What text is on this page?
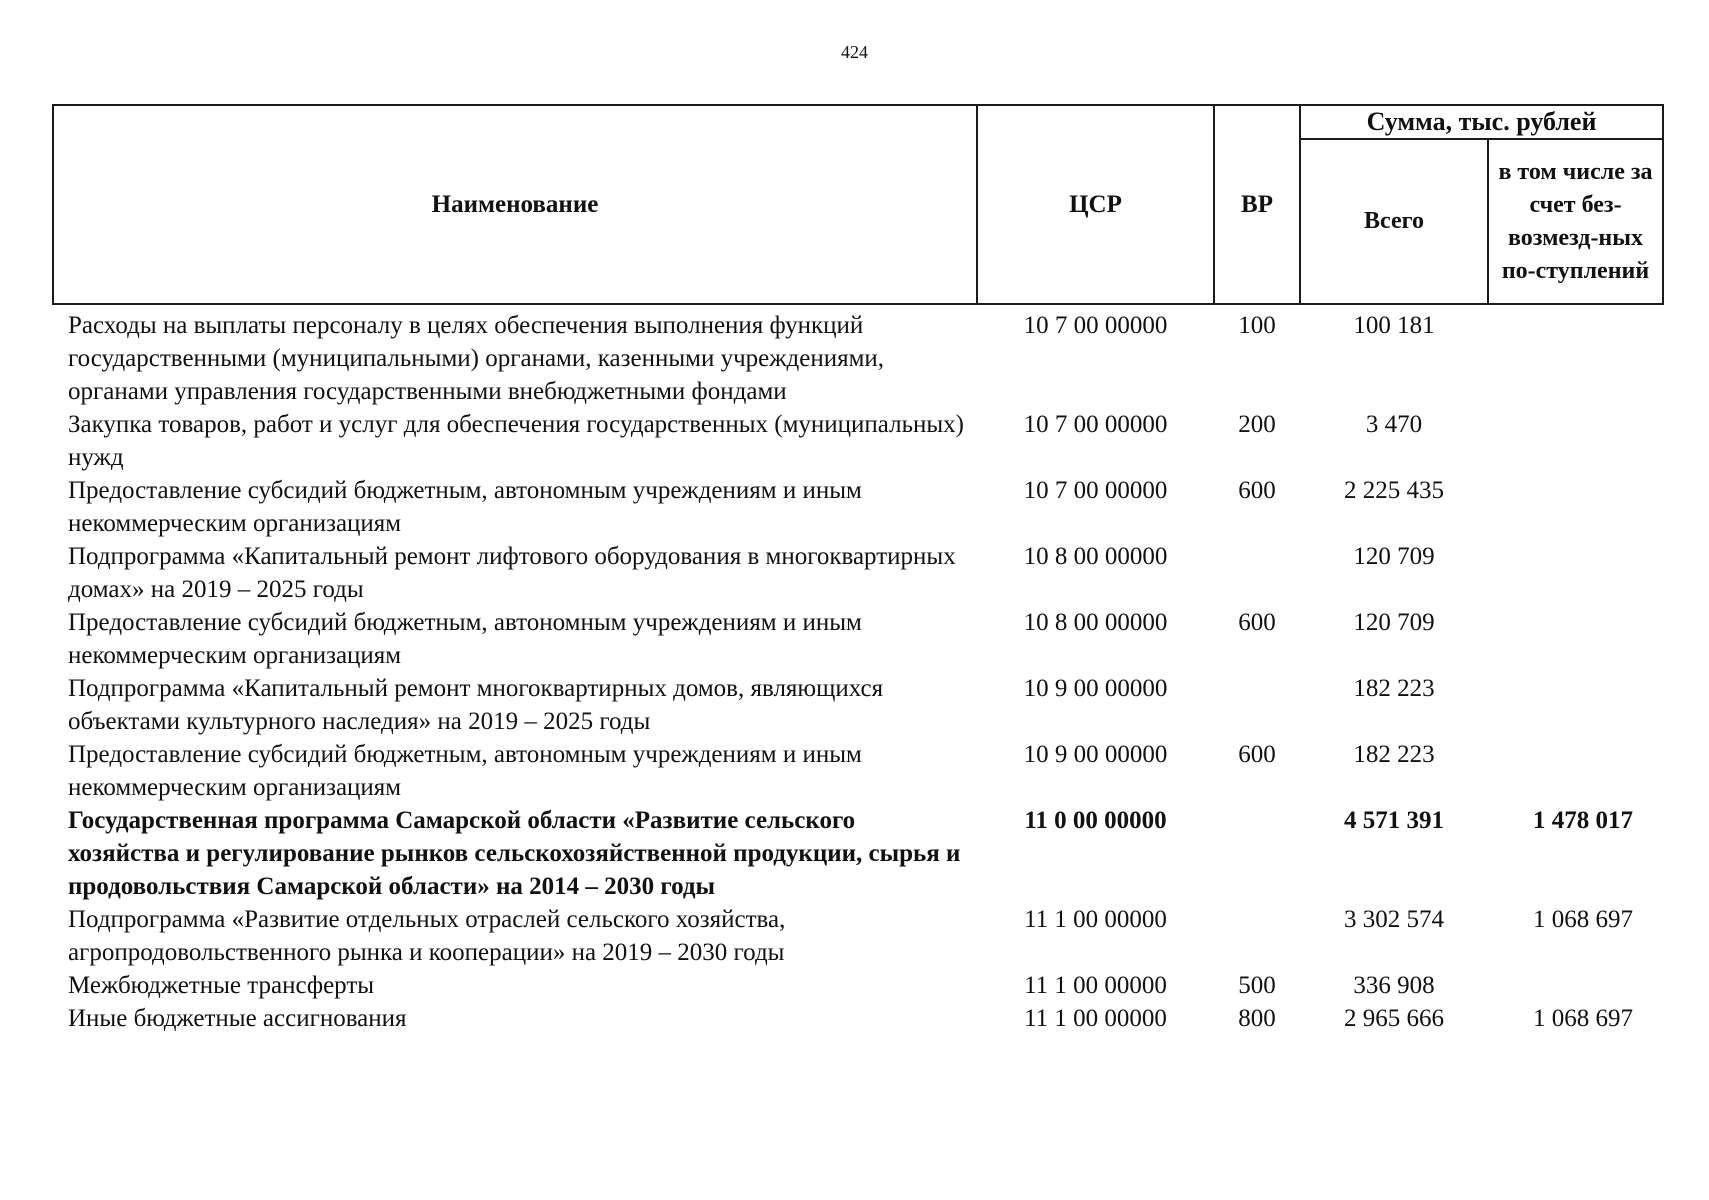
424
Наименование	ЦСР	ВР	Сумма, тыс. рублей	
			Всего	в том числе за счет без-возмезд-ных по-ступлений
Расходы на выплаты персоналу в целях обеспечения выполнения функций государственными (муниципальными) органами, казенными учреждениями, органами управления государственными внебюджетными фондами	10 7 00 00000	100	100 181	
Закупка товаров, работ и услуг для обеспечения государственных (муниципальных) нужд	10 7 00 00000	200	3 470	
Предоставление субсидий бюджетным, автономным учреждениям и иным некоммерческим организациям	10 7 00 00000	600	2 225 435	
Подпрограмма «Капитальный ремонт лифтового оборудования в многоквартирных домах» на 2019 – 2025 годы	10 8 00 00000		120 709	
Предоставление субсидий бюджетным, автономным учреждениям и иным некоммерческим организациям	10 8 00 00000	600	120 709	
Подпрограмма «Капитальный ремонт многоквартирных домов, являющихся объектами культурного наследия» на 2019 – 2025 годы	10 9 00 00000		182 223	
Предоставление субсидий бюджетным, автономным учреждениям и иным некоммерческим организациям	10 9 00 00000	600	182 223	
Государственная программа Самарской области «Развитие сельского хозяйства и регулирование рынков сельскохозяйственной продукции, сырья и продовольствия Самарской области» на 2014 – 2030 годы	11 0 00 00000		4 571 391	1 478 017
Подпрограмма «Развитие отдельных отраслей сельского хозяйства, агропродовольственного рынка и кооперации» на 2019 – 2030 годы	11 1 00 00000		3 302 574	1 068 697
Межбюджетные трансферты	11 1 00 00000	500	336 908	
Иные бюджетные ассигнования	11 1 00 00000	800	2 965 666	1 068 697
